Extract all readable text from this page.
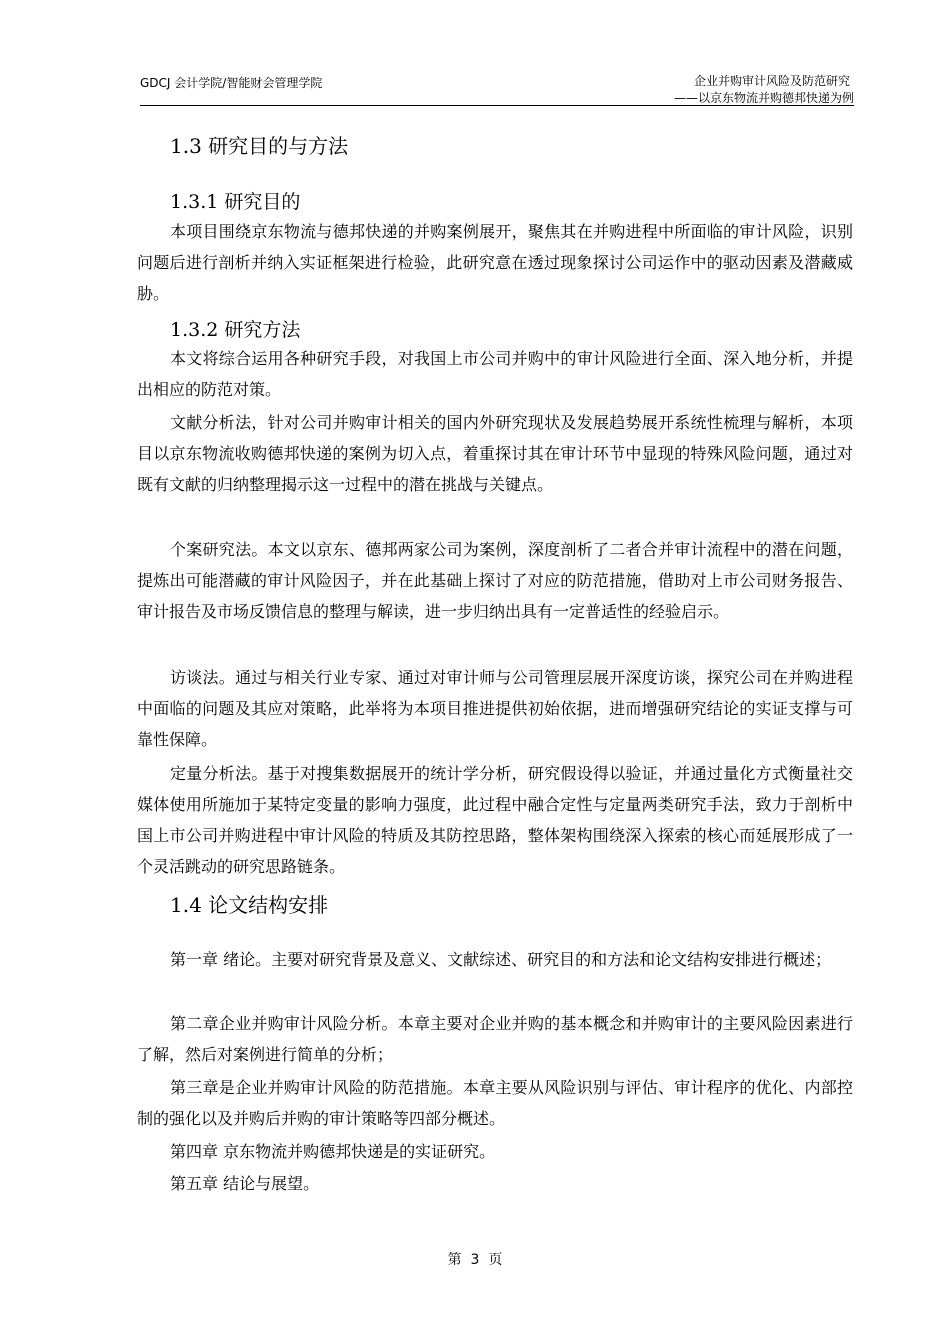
GDCJ 会计学院/智能财会管理学院	企业并购审计风险及防范研究
——以京东物流并购德邦快递为例
1.3 研究目的与方法
1.3.1 研究目的

本项目围绕京东物流与德邦快递的并购案例展开，聚焦其在并购进程中所面临的审计风险，识别问题后进行剖析并纳入实证框架进行检验，此研究意在透过现象探讨公司运作中的驱动因素及潜藏威胁。

1.3.2 研究方法

本文将综合运用各种研究手段，对我国上市公司并购中的审计风险进行全面、深入地分析，并提出相应的防范对策。

文献分析法，针对公司并购审计相关的国内外研究现状及发展趋势展开系统性梳理与解析，本项目以京东物流收购德邦快递的案例为切入点，着重探讨其在审计环节中显现的特殊风险问题，通过对既有文献的归纳整理揭示这一过程中的潜在挑战与关键点。

个案研究法。本文以京东、德邦两家公司为案例，深度剖析了二者合并审计流程中的潜在问题，提炼出可能潜藏的审计风险因子，并在此基础上探讨了对应的防范措施，借助对上市公司财务报告、审计报告及市场反馈信息的整理与解读，进一步归纳出具有一定普适性的经验启示。

访谈法。通过与相关行业专家、通过对审计师与公司管理层展开深度访谈，探究公司在并购进程中面临的问题及其应对策略，此举将为本项目推进提供初始依据，进而增强研究结论的实证支撑与可靠性保障。

定量分析法。基于对搜集数据展开的统计学分析，研究假设得以验证，并通过量化方式衡量社交媒体使用所施加于某特定变量的影响力强度，此过程中融合定性与定量两类研究手法，致力于剖析中国上市公司并购进程中审计风险的特质及其防控思路，整体架构围绕深入探索的核心而延展形成了一个灵活跳动的研究思路链条。

1.4 论文结构安排

第一章 绪论。主要对研究背景及意义、文献综述、研究目的和方法和论文结构安排进行概述；

第二章企业并购审计风险分析。本章主要对企业并购的基本概念和并购审计的主要风险因素进行了解，然后对案例进行简单的分析；

第三章是企业并购审计风险的防范措施。本章主要从风险识别与评估、审计程序的优化、内部控制的强化以及并购后并购的审计策略等四部分概述。

第四章 京东物流并购德邦快递是的实证研究。

第五章 结论与展望。

第  3  页
